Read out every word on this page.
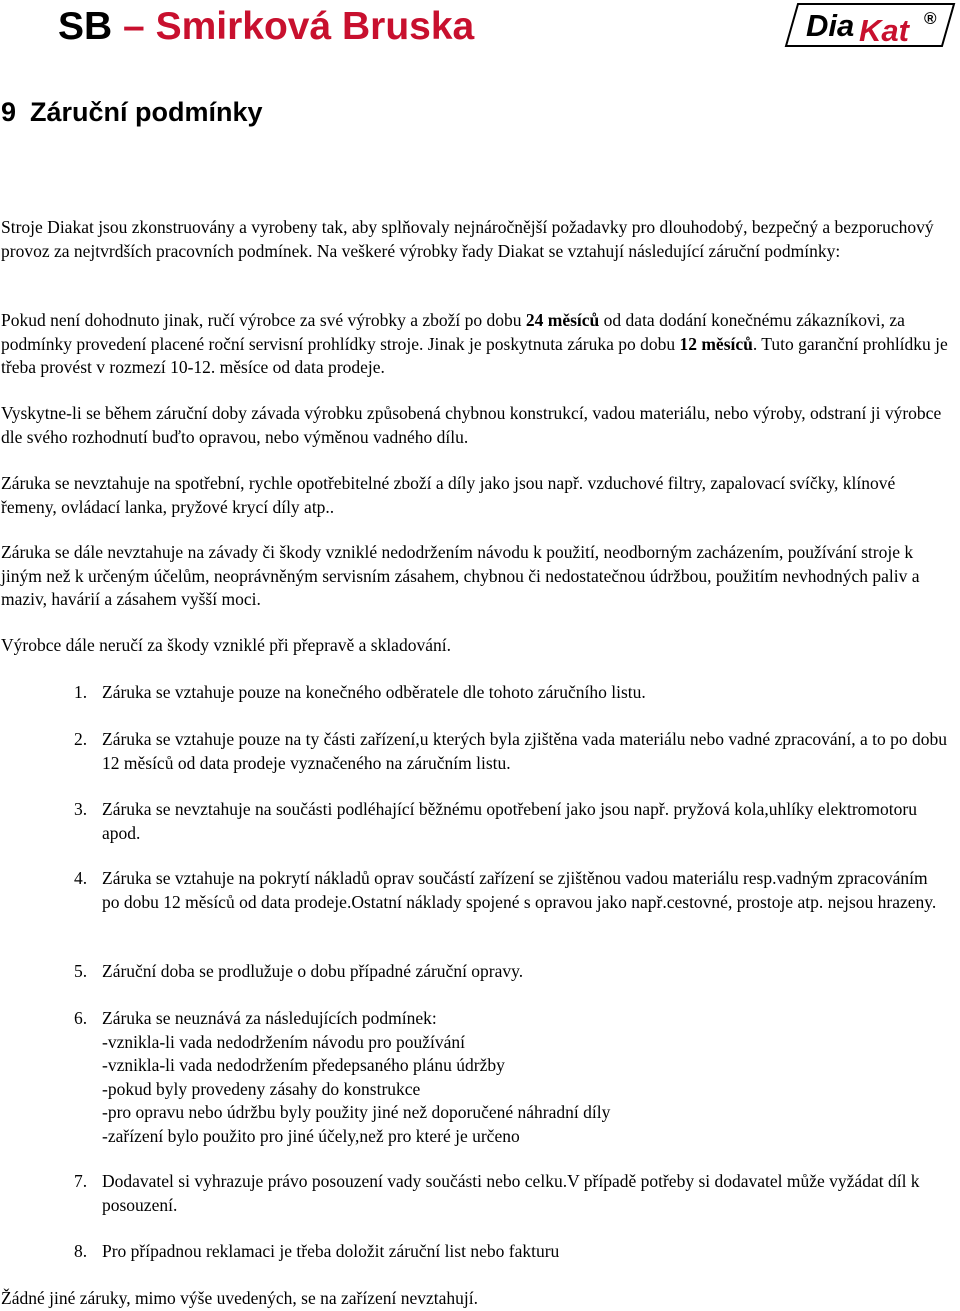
SB – Smirková Bruska	Dia Kat ®
9 Záruční podmínky

Stroje Diakat jsou zkonstruovány a vyrobeny tak, aby splňovaly nejnáročnější požadavky pro dlouhodobý, bezpečný a bezporuchový provoz za nejtvrdších pracovních podmínek. Na veškeré výrobky řady Diakat se vztahují následující záruční podmínky:

Pokud není dohodnuto jinak, ručí výrobce za své výrobky a zboží po dobu 24 měsíců od data dodání konečnému zákazníkovi, za podmínky provedení placené roční servisní prohlídky stroje. Jinak je poskytnuta záruka po dobu 12 měsíců. Tuto garanční prohlídku je třeba provést v rozmezí 10-12. měsíce od data prodeje.

Vyskytne-li se během záruční doby závada výrobku způsobená chybnou konstrukcí, vadou materiálu, nebo výroby, odstraní ji výrobce dle svého rozhodnutí buďto opravou, nebo výměnou vadného dílu.

Záruka se nevztahuje na spotřební, rychle opotřebitelné zboží a díly jako jsou např. vzduchové filtry, zapalovací svíčky, klínové řemeny, ovládací lanka, pryžové krycí díly atp..

Záruka se dále nevztahuje na závady či škody vzniklé nedodržením návodu k použití, neodborným zacházením, používání stroje k jiným než k určeným účelům, neoprávněným servisním zásahem, chybnou či nedostatečnou údržbou, použitím nevhodných paliv a maziv, havárií a zásahem vyšší moci.

Výrobce dále neručí za škody vzniklé při přepravě a skladování.

1. Záruka se vztahuje pouze na konečného odběratele dle tohoto záručního listu.
2. Záruka se vztahuje pouze na ty části zařízení,u kterých byla zjištěna vada materiálu nebo vadné zpracování, a to po dobu 12 měsíců od data prodeje vyznačeného na záručním listu.
3. Záruka se nevztahuje na součásti podléhající běžnému opotřebení jako jsou např. pryžová kola,uhlíky elektromotoru apod.
4. Záruka se vztahuje na pokrytí nákladů oprav součástí zařízení se zjištěnou vadou materiálu resp.vadným zpracováním po dobu 12 měsíců od data prodeje.Ostatní náklady spojené s opravou jako např.cestovné, prostoje atp. nejsou hrazeny.
5. Záruční doba se prodlužuje o dobu případné záruční opravy.
6. Záruka se neuznává za následujících podmínek:
-vznikla-li vada nedodržením návodu pro používání
-vznikla-li vada nedodržením předepsaného plánu údržby
-pokud byly provedeny zásahy do konstrukce
-pro opravu nebo údržbu byly použity jiné než doporučené náhradní díly
-zařízení bylo použito pro jiné účely,než pro které je určeno
7. Dodavatel si vyhrazuje právo posouzení vady součásti nebo celku.V případě potřeby si dodavatel může vyžádat díl k posouzení.
8. Pro případnou reklamaci je třeba doložit záruční list nebo fakturu

Žádné jiné záruky, mimo výše uvedených, se na zařízení nevztahují.
